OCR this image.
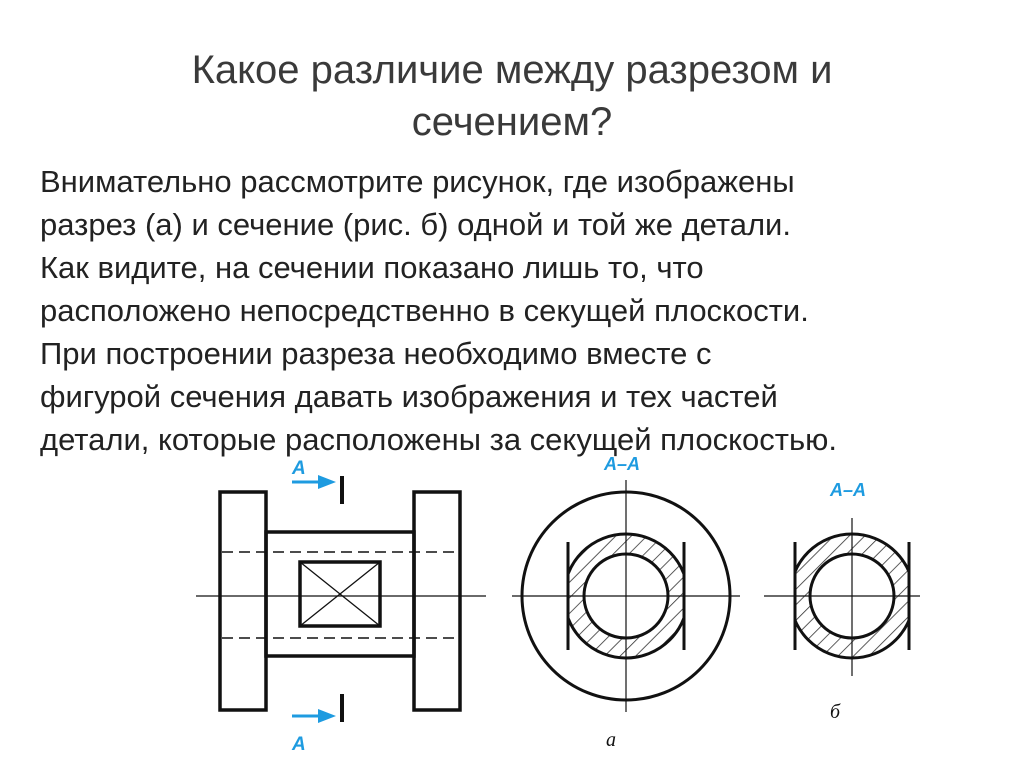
Какое различие между разрезом и
сечением?
Внимательно рассмотрите рисунок, где изображены
разрез (а) и сечение (рис. б) одной и той же детали.
Как видите, на сечении показано лишь то, что
расположено непосредственно в секущей плоскости.
При построении разреза необходимо вместе с
фигурой сечения давать изображения и тех частей
детали, которые расположены за секущей плоскостью.
А
А
А–А
а
А–А
б
